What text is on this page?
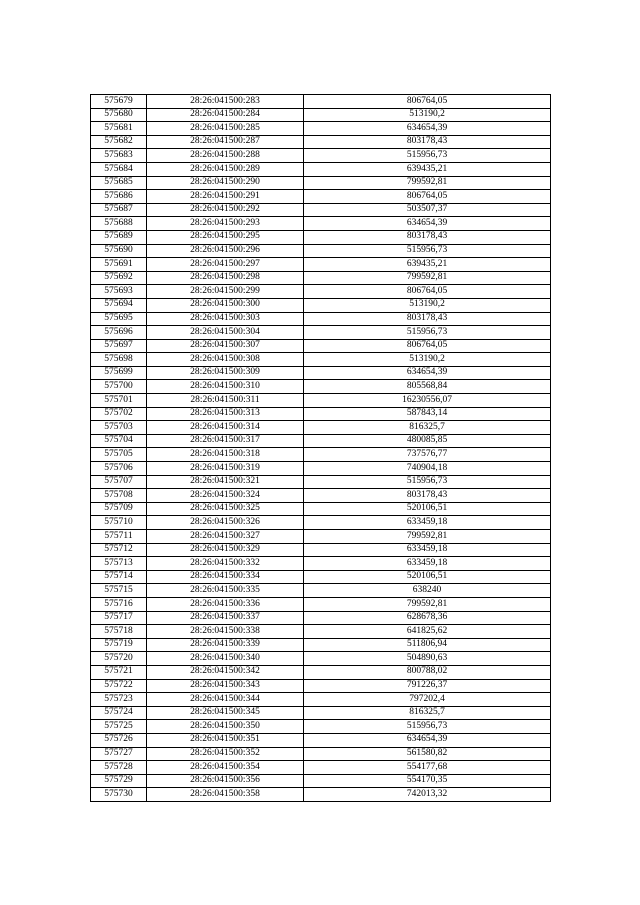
575679	28:26:041500:283	806764,05
575680	28:26:041500:284	513190,2
575681	28:26:041500:285	634654,39
575682	28:26:041500:287	803178,43
575683	28:26:041500:288	515956,73
575684	28:26:041500:289	639435,21
575685	28:26:041500:290	799592,81
575686	28:26:041500:291	806764,05
575687	28:26:041500:292	503507,37
575688	28:26:041500:293	634654,39
575689	28:26:041500:295	803178,43
575690	28:26:041500:296	515956,73
575691	28:26:041500:297	639435,21
575692	28:26:041500:298	799592,81
575693	28:26:041500:299	806764,05
575694	28:26:041500:300	513190,2
575695	28:26:041500:303	803178,43
575696	28:26:041500:304	515956,73
575697	28:26:041500:307	806764,05
575698	28:26:041500:308	513190,2
575699	28:26:041500:309	634654,39
575700	28:26:041500:310	805568,84
575701	28:26:041500:311	16230556,07
575702	28:26:041500:313	587843,14
575703	28:26:041500:314	816325,7
575704	28:26:041500:317	480085,85
575705	28:26:041500:318	737576,77
575706	28:26:041500:319	740904,18
575707	28:26:041500:321	515956,73
575708	28:26:041500:324	803178,43
575709	28:26:041500:325	520106,51
575710	28:26:041500:326	633459,18
575711	28:26:041500:327	799592,81
575712	28:26:041500:329	633459,18
575713	28:26:041500:332	633459,18
575714	28:26:041500:334	520106,51
575715	28:26:041500:335	638240
575716	28:26:041500:336	799592,81
575717	28:26:041500:337	628678,36
575718	28:26:041500:338	641825,62
575719	28:26:041500:339	511806,94
575720	28:26:041500:340	504890,63
575721	28:26:041500:342	800788,02
575722	28:26:041500:343	791226,37
575723	28:26:041500:344	797202,4
575724	28:26:041500:345	816325,7
575725	28:26:041500:350	515956,73
575726	28:26:041500:351	634654,39
575727	28:26:041500:352	561580,82
575728	28:26:041500:354	554177,68
575729	28:26:041500:356	554170,35
575730	28:26:041500:358	742013,32
